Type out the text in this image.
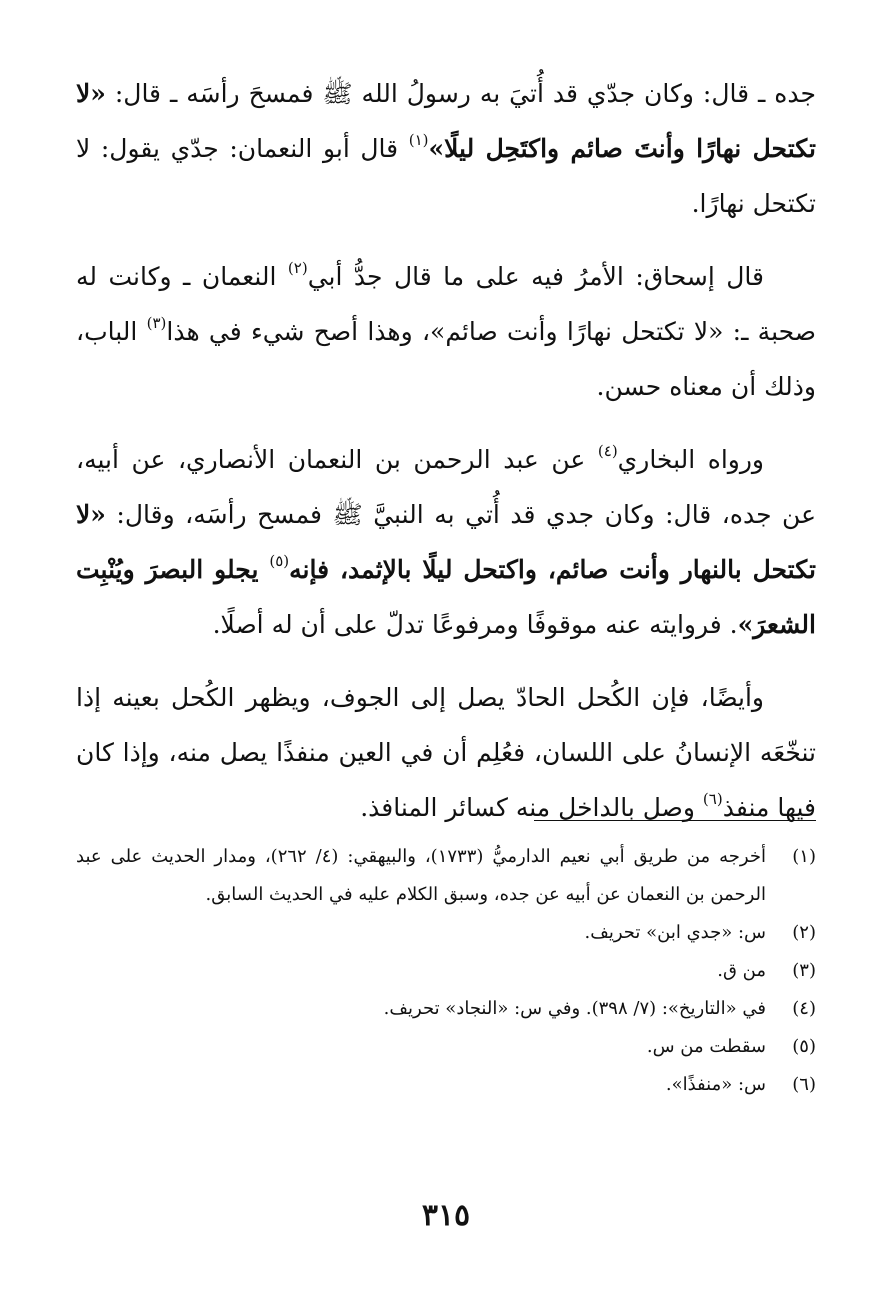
جده ـ قال: وكان جدّي قد أُتيَ به رسولُ الله ﷺ فمسحَ رأسَه ـ قال: «لا تكتحل نهارًا وأنتَ صائم واكتَحِل ليلًا»$^{(١)}$ قال أبو النعمان: جدّي يقول: لا تكتحل نهارًا.

قال إسحاق: الأمرُ فيه على ما قال جدُّ أبي$^{(٢)}$ النعمان ـ وكانت له صحبة ـ: «لا تكتحل نهارًا وأنت صائم»، وهذا أصح شيء في هذا$^{(٣)}$ الباب، وذلك أن معناه حسن.

ورواه البخاري$^{(٤)}$ عن عبد الرحمن بن النعمان الأنصاري، عن أبيه، عن جده، قال: وكان جدي قد أُتي به النبيَّ ﷺ فمسح رأسَه، وقال: «لا تكتحل بالنهار وأنت صائم، واكتحل ليلًا بالإثمد، فإنه$^{(٥)}$ يجلو البصرَ ويُنْبِت الشعرَ». فروايته عنه موقوفًا ومرفوعًا تدلّ على أن له أصلًا.

وأيضًا، فإن الكُحل الحادّ يصل إلى الجوف، ويظهر الكُحل بعينه إذا تنخّعَه الإنسانُ على اللسان، فعُلِم أن في العين منفذًا يصل منه، وإذا كان فيها منفذ$^{(٦)}$ وصل بالداخل منه كسائر المنافذ.

(١)
أخرجه من طريق أبي نعيم الدارميُّ (١٧٣٣)، والبيهقي: (٤/ ٢٦٢)، ومدار الحديث على عبد الرحمن بن النعمان عن أبيه عن جده، وسبق الكلام عليه في الحديث السابق.
(٢)
س: «جدي ابن» تحريف.
(٣)
من ق.
(٤)
في «التاريخ»: (٧/ ٣٩٨). وفي س: «النجاد» تحريف.
(٥)
سقطت من س.
(٦)
س: «منفذًا».
٣١٥
